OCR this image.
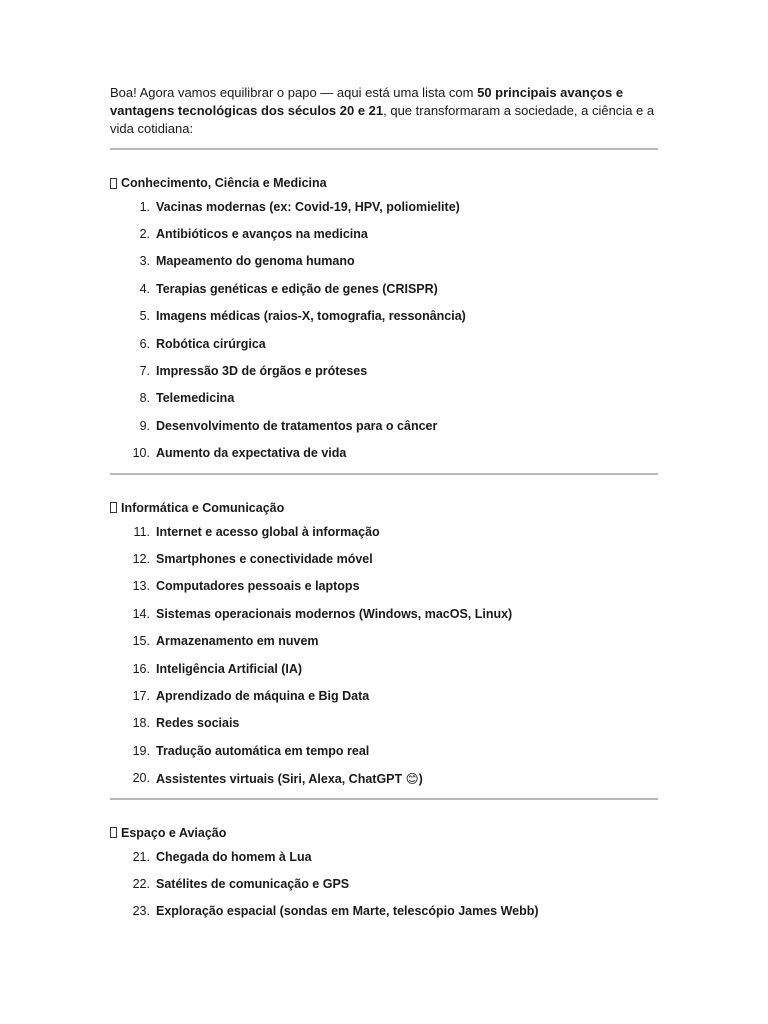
Boa! Agora vamos equilibrar o papo — aqui está uma lista com 50 principais avanços e vantagens tecnológicas dos séculos 20 e 21, que transformaram a sociedade, a ciência e a vida cotidiana:

Conhecimento, Ciência e Medicina
1. Vacinas modernas (ex: Covid-19, HPV, poliomielite)
2. Antibióticos e avanços na medicina
3. Mapeamento do genoma humano
4. Terapias genéticas e edição de genes (CRISPR)
5. Imagens médicas (raios-X, tomografia, ressonância)
6. Robótica cirúrgica
7. Impressão 3D de órgãos e próteses
8. Telemedicina
9. Desenvolvimento de tratamentos para o câncer
10. Aumento da expectativa de vida
Informática e Comunicação
11. Internet e acesso global à informação
12. Smartphones e conectividade móvel
13. Computadores pessoais e laptops
14. Sistemas operacionais modernos (Windows, macOS, Linux)
15. Armazenamento em nuvem
16. Inteligência Artificial (IA)
17. Aprendizado de máquina e Big Data
18. Redes sociais
19. Tradução automática em tempo real
20. Assistentes virtuais (Siri, Alexa, ChatGPT 😊)
Espaço e Aviação
21. Chegada do homem à Lua
22. Satélites de comunicação e GPS
23. Exploração espacial (sondas em Marte, telescópio James Webb)
